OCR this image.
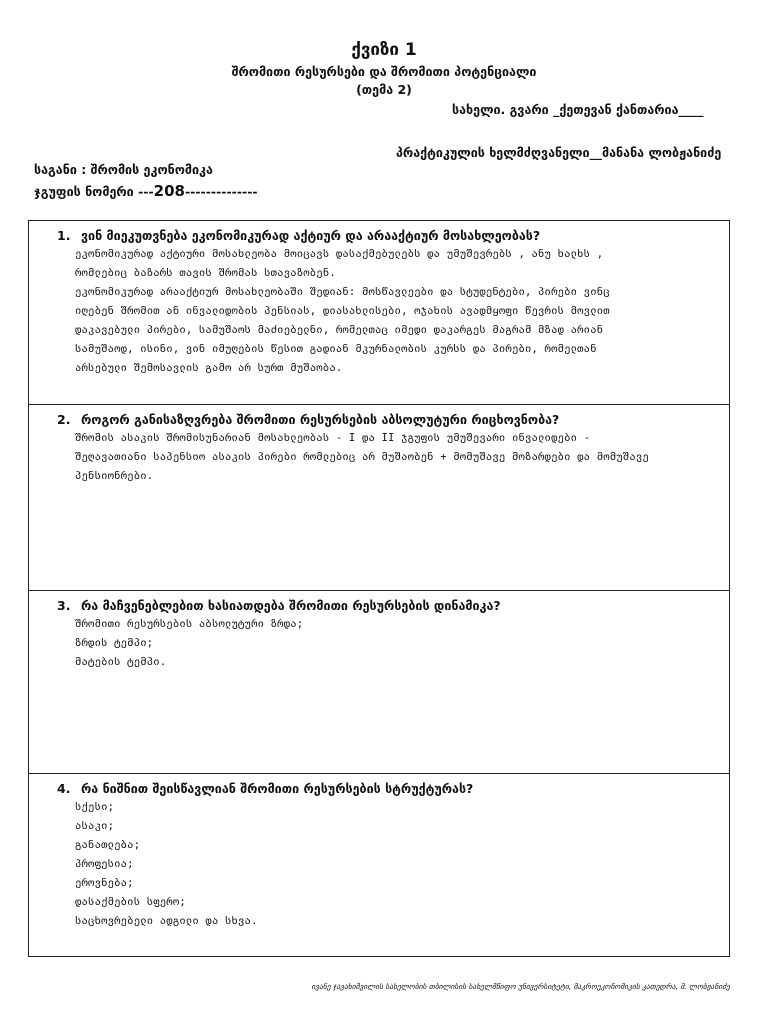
ქვიზი 1
შრომითი რესურსები და შრომითი პოტენციალი
(თემა 2)
სახელი. გვარი _ქეთევან ქანთარია____
პრაქტიკულის ხელმძღვანელი__მანანა ლობჟანიძე
საგანი : შრომის ეკონომიკა
ჯგუფის ნომერი ---208--------------
1. ვინ მიეკუთვნება ეკონომიკურად აქტიურ და არააქტიურ მოსახლეობას?
ეკონომიკურად აქტიური მოსახლეობა მოიცავს დასაქმებულებს და უმუშევრებს , ანუ ხალხს ,
რომლებიც ბაზარს თავის შრომას სთავაზობენ.
ეკონომიკურად არააქტიურ მოსახლეობაში შედიან: მოსწავლეები და სტუდენტები, პირები ვინც
იღებენ შრომით ან ინვალიდობის პენსიას, დიასახლისები, ოჯახის ავადმყოფი წევრის მოვლით
დაკავებული პირები, სამუშაოს მაძიებელნი, რომელთაც იმედი დაკარგეს მაგრამ მზად არიან
სამუშაოდ, ისინი, ვინ იმუღების წესით გადიან მკურნალობის კურსს და პირები, რომელთან
არსებული შემოსავლის გამო არ სურთ მუშაობა.
2. როგორ განისაზღვრება შრომითი რესურსების აბსოლუტური რიცხოვნობა?
შრომის ასაკის შრომისუნარიან მოსახლეობას - I და II ჯგუფის უმუშევარი ინვალიდები -
შეღავათიანი საპენსიო ასაკის პირები რომლებიც არ მუშაობენ + მომუშავე მოზარდები და მომუშავე
პენსიონრები.
3. რა მაჩვენებლებით ხასიათდება შრომითი რესურსების დინამიკა?
შრომითი რესურსების აბსოლუტური ზრდა;
ზრდის ტემპი;
მატების ტემპი.
4. რა ნიშნით შეისწავლიან შრომითი რესურსების სტრუქტურას?
სქესი;
ასაკი;
განათლება;
პროფესია;
ეროვნება;
დასაქმების სფერო;
საცხოვრებელი ადგილი და სხვა.
ივანე ჯავახიშვილის სახელობის თბილისის სახელმწიფო უნივერსიტეტი, მაკროეკონომიკის კათედრა, მ. ლობჟანიძე
